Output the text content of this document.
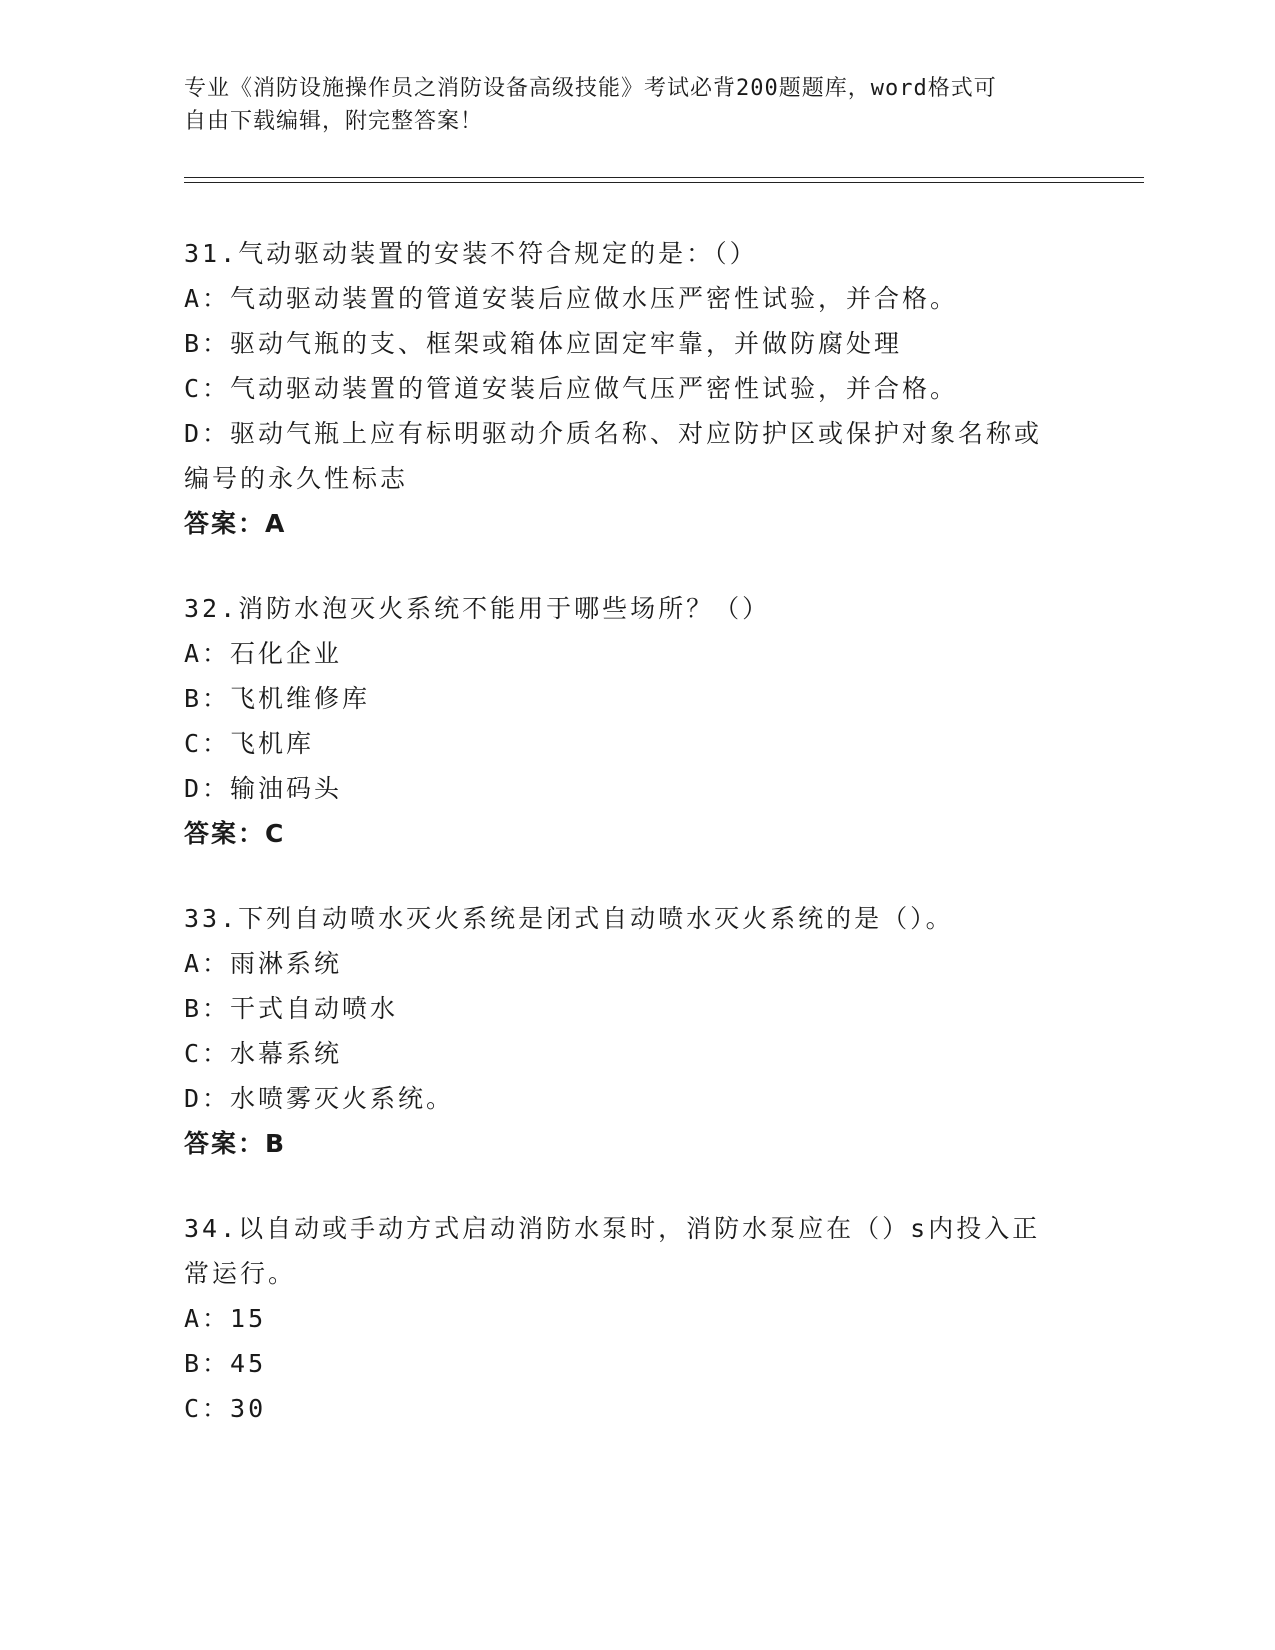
专业《消防设施操作员之消防设备高级技能》考试必背200题题库，word格式可
自由下载编辑，附完整答案！
31.气动驱动装置的安装不符合规定的是：（）
A：气动驱动装置的管道安装后应做水压严密性试验，并合格。
B：驱动气瓶的支、框架或箱体应固定牢靠，并做防腐处理
C：气动驱动装置的管道安装后应做气压严密性试验，并合格。
D：驱动气瓶上应有标明驱动介质名称、对应防护区或保护对象名称或编号的永久性标志
答案：A
32.消防水泡灭火系统不能用于哪些场所？（）
A：石化企业
B：飞机维修库
C：飞机库
D：输油码头
答案：C
33.下列自动喷水灭火系统是闭式自动喷水灭火系统的是（）。
A：雨淋系统
B：干式自动喷水
C：水幕系统
D：水喷雾灭火系统。
答案：B
34.以自动或手动方式启动消防水泵时，消防水泵应在（）s内投入正常运行。
A：15
B：45
C：30
